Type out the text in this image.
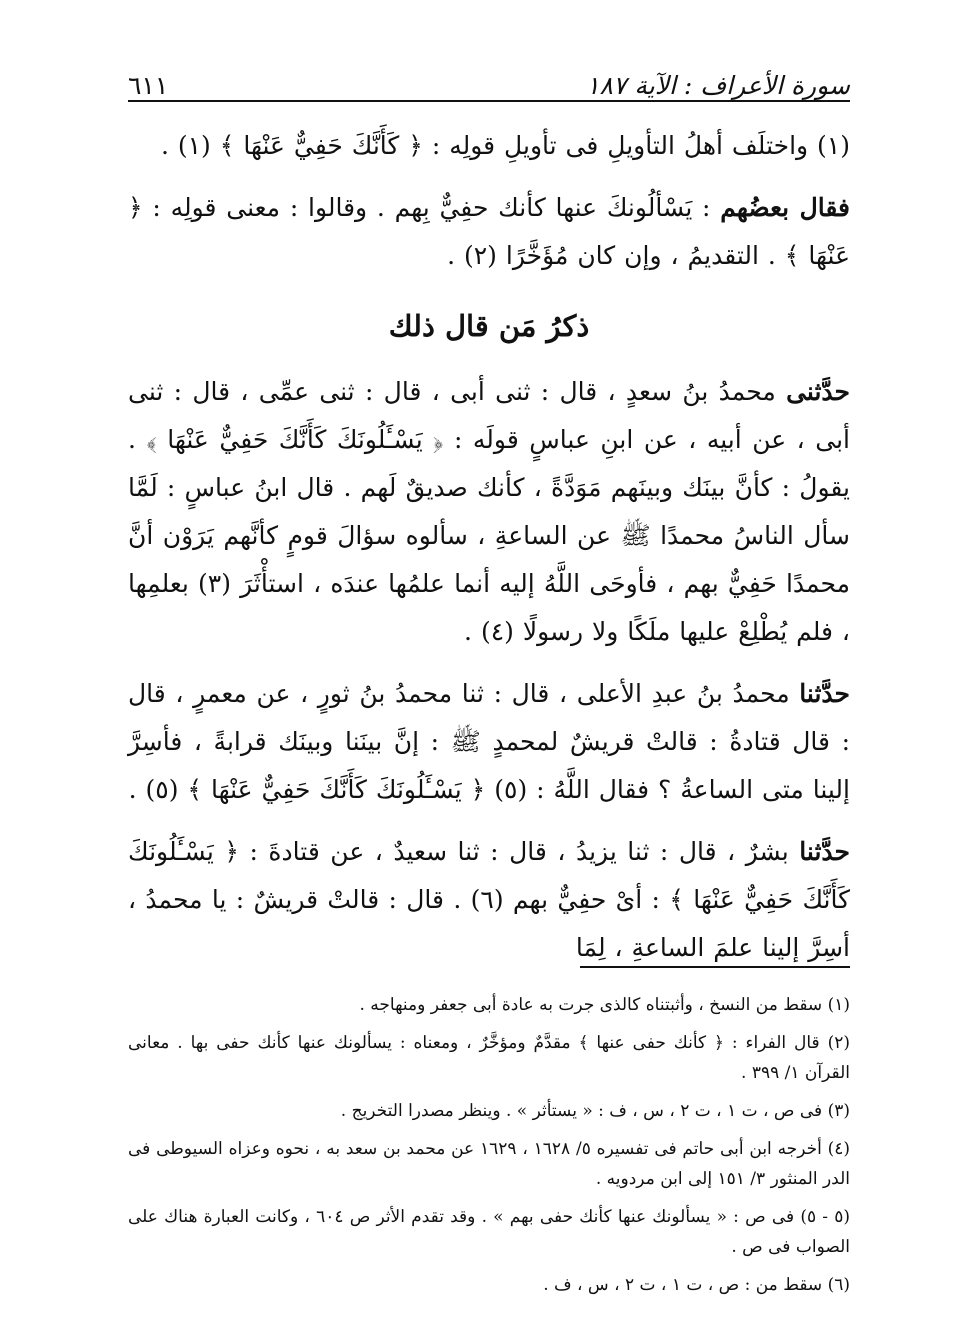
سورة الأعراف : الآية ١٨٧
٦١١

(١) واختلَف أهلُ التأويلِ فى تأويلِ قولِه : ﴿ كَأَنَّكَ حَفِيٌّ عَنْهَا ﴾ (١) .

فقال بعضُهم : يَسْألُونكَ عنها كأنك حفِيٌّ بِهم . وقالوا : معنى قولِه : ﴿ عَنْهَا ﴾ . التقديمُ ، وإن كان مُؤَخَّرًا (٢) .

ذكرُ مَن قال ذلك

حدَّثنى محمدُ بنُ سعدٍ ، قال : ثنى أبى ، قال : ثنى عمِّى ، قال : ثنى أبى ، عن أبيه ، عن ابنِ عباسٍ قولَه : ﴿ يَسْـَٔلُونَكَ كَأَنَّكَ حَفِيٌّ عَنْهَا ﴾ . يقولُ : كأنَّ بينَك وبينَهم مَوَدَّةً ، كأنك صديقٌ لَهم . قال ابنُ عباسٍ : لَمَّا سأل الناسُ محمدًا ﷺ عن الساعةِ ، سألوه سؤالَ قومٍ كأنَّهم يَرَوْن أنَّ محمدًا حَفِيٌّ بهم ، فأوحَى اللَّهُ إليه أنما علمُها عندَه ، استأْثَرَ (٣) بعلمِها ، فلم يُطْلِعْ عليها ملَكًا ولا رسولًا (٤) .

حدَّثنا محمدُ بنُ عبدِ الأعلى ، قال : ثنا محمدُ بنُ ثورٍ ، عن معمرٍ ، قال : قال قتادةُ : قالتْ قريشٌ لمحمدٍ ﷺ : إنَّ بينَنا وبينَك قرابةً ، فأسِرَّ إلينا متى الساعةُ ؟ فقال اللَّهُ : (٥) ﴿ يَسْـَٔلُونَكَ كَأَنَّكَ حَفِيٌّ عَنْهَا ﴾ (٥) .

حدَّثنا بشرٌ ، قال : ثنا يزيدُ ، قال : ثنا سعيدٌ ، عن قتادةَ : ﴿ يَسْـَٔلُونَكَ كَأَنَّكَ حَفِيٌّ عَنْهَا ﴾ : أىْ حفِيٌّ بهم (٦) . قال : قالتْ قريشٌ : يا محمدُ ، أسِرَّ إلينا علمَ الساعةِ ، لِمَا

(١) سقط من النسخ ، وأثبتناه كالذى جرت به عادة أبى جعفر ومنهاجه .

(٢) قال الفراء : ﴿ كأنك حفى عنها ﴾ مقدَّمٌ ومؤخَّرٌ ، ومعناه : يسألونك عنها كأنك حفى بها . معانى القرآن ١/ ٣٩٩ .

(٣) فى ص ، ت ١ ، ت ٢ ، س ، ف : « يستأثر » . وينظر مصدرا التخريج .

(٤) أخرجه ابن أبى حاتم فى تفسيره ٥/ ١٦٢٨ ، ١٦٢٩ عن محمد بن سعد به ، نحوه وعزاه السيوطى فى الدر المنثور ٣/ ١٥١ إلى ابن مردويه .

(٥ - ٥) فى ص : « يسألونك عنها كأنك حفى بهم » . وقد تقدم الأثر ص ٦٠٤ ، وكانت العبارة هناك على الصواب فى ص .

(٦) سقط من : ص ، ت ١ ، ت ٢ ، س ، ف .
